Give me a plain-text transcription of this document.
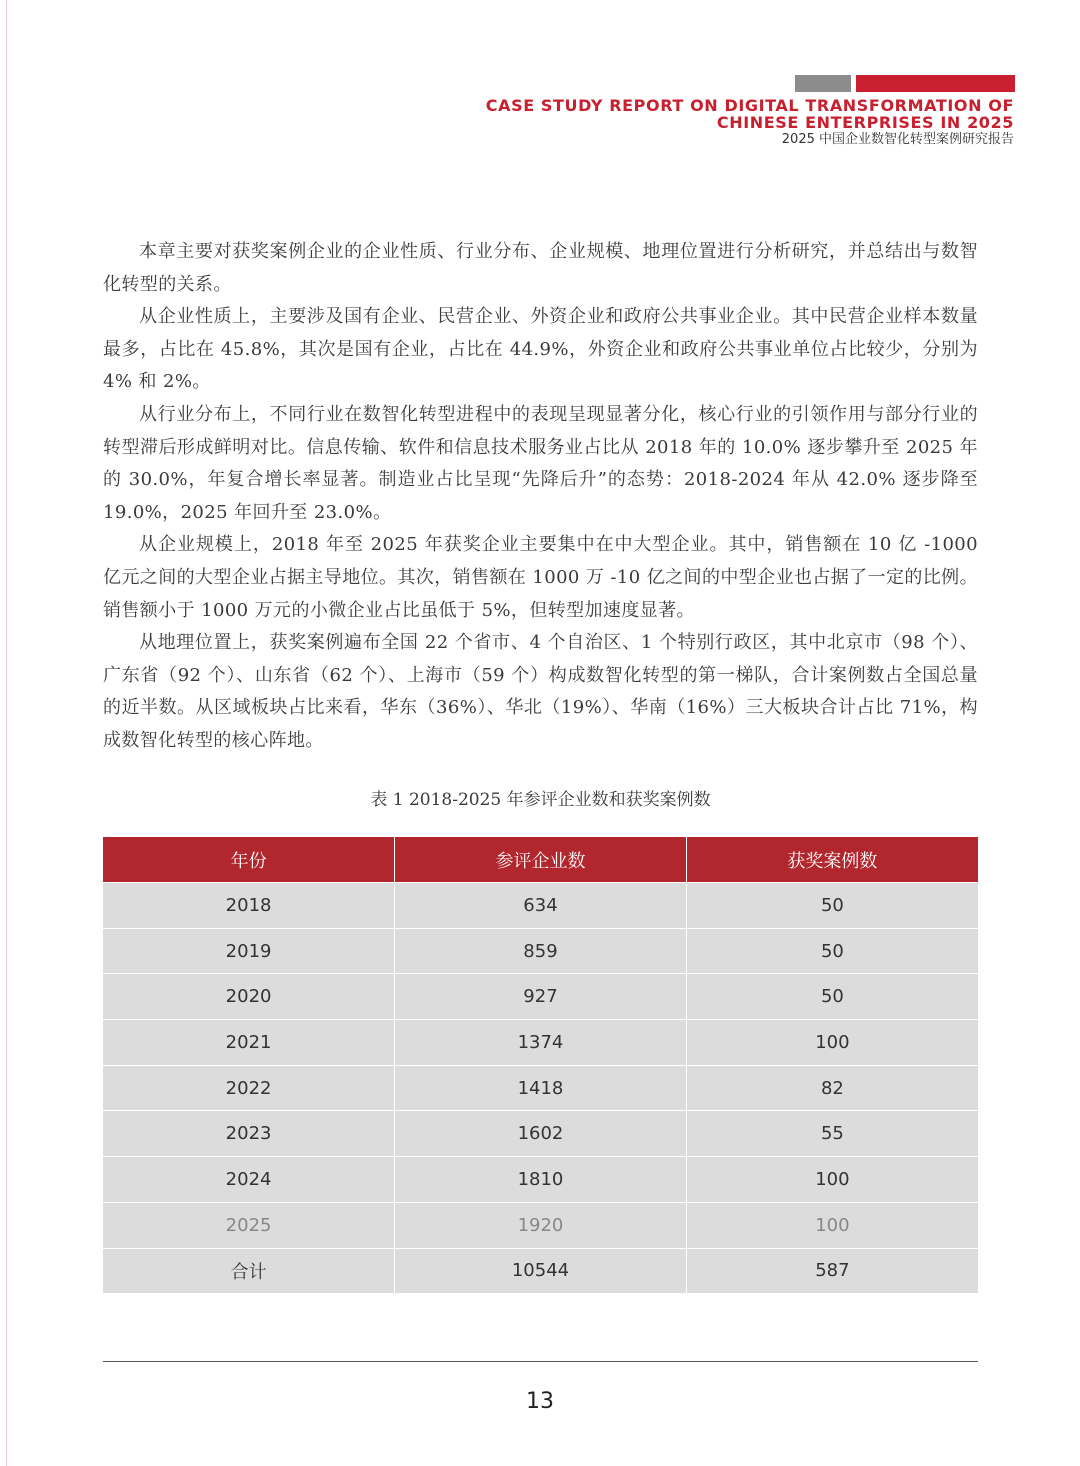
CASE STUDY REPORT ON DIGITAL TRANSFORMATION OF
CHINESE ENTERPRISES IN 2025
2025 中国企业数智化转型案例研究报告

本章主要对获奖案例企业的企业性质、行业分布、企业规模、地理位置进行分析研究，并总结出与数智化转型的关系。

从企业性质上，主要涉及国有企业、民营企业、外资企业和政府公共事业企业。其中民营企业样本数量最多，占比在 45.8%，其次是国有企业，占比在 44.9%，外资企业和政府公共事业单位占比较少，分别为 4% 和 2%。

从行业分布上，不同行业在数智化转型进程中的表现呈现显著分化，核心行业的引领作用与部分行业的转型滞后形成鲜明对比。信息传输、软件和信息技术服务业占比从 2018 年的 10.0% 逐步攀升至 2025 年的 30.0%，年复合增长率显著。制造业占比呈现“先降后升”的态势：2018-2024 年从 42.0% 逐步降至 19.0%，2025 年回升至 23.0%。

从企业规模上，2018 年至 2025 年获奖企业主要集中在中大型企业。其中，销售额在 10 亿 -1000 亿元之间的大型企业占据主导地位。其次，销售额在 1000 万 -10 亿之间的中型企业也占据了一定的比例。销售额小于 1000 万元的小微企业占比虽低于 5%，但转型加速度显著。

从地理位置上，获奖案例遍布全国 22 个省市、4 个自治区、1 个特别行政区，其中北京市（98 个）、广东省（92 个）、山东省（62 个）、上海市（59 个）构成数智化转型的第一梯队，合计案例数占全国总量的近半数。从区域板块占比来看，华东（36%）、华北（19%）、华南（16%）三大板块合计占比 71%，构成数智化转型的核心阵地。

表 1 2018-2025 年参评企业数和获奖案例数
年份	参评企业数	获奖案例数
2018	634	50
2019	859	50
2020	927	50
2021	1374	100
2022	1418	82
2023	1602	55
2024	1810	100
2025	1920	100
合计	10544	587
13
